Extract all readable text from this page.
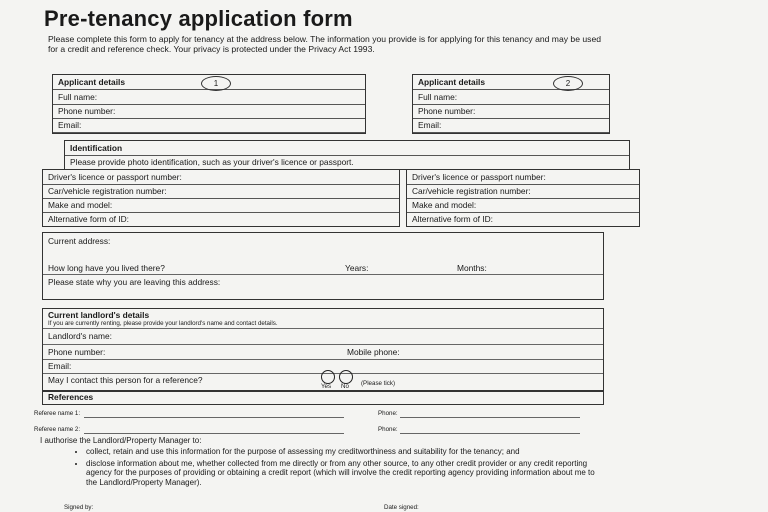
Pre-tenancy application form
Please complete this form to apply for tenancy at the address below. The information you provide is for applying for this tenancy and may be used for a credit and reference check. Your privacy is protected under the Privacy Act 1993.
Applicant details
Full name:
Phone number:
Email:
1	Applicant details
Full name:
Phone number:
Email:
2
Identification
Please provide photo identification, such as your driver's licence or passport.
Driver's licence or passport number:
Car/vehicle registration number:
Make and model:
Alternative form of ID:
Driver's licence or passport number:
Car/vehicle registration number:
Make and model:
Alternative form of ID:
Current address:
How long have you lived there?	Years:	Months:
Please state why you are leaving this address:
Current landlord's details
If you are currently renting, please provide your landlord's name and contact details.
Landlord's name:
Phone number:	Mobile phone:
Email:
May I contact this person for a reference?
Yes No (Please tick)
References
Referee name 1:	Phone:
Referee name 2:	Phone:
I authorise the Landlord/Property Manager to:
• collect, retain and use this information for the purpose of assessing my creditworthiness and suitability for the tenancy; and
• disclose information about me, whether collected from me directly or from any other source, to any other credit provider or any credit reporting agency for the purposes of providing or obtaining a credit report (which will involve the credit reporting agency providing information about me to the Landlord/Property Manager).
Signed by:	Date signed:
